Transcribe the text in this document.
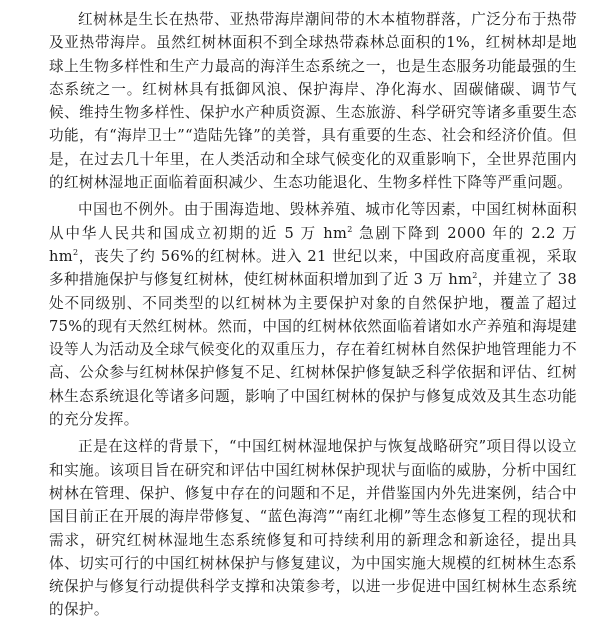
红树林是生长在热带、亚热带海岸潮间带的木本植物群落，广泛分布于热带及亚热带海岸。虽然红树林面积不到全球热带森林总面积的1%，红树林却是地球上生物多样性和生产力最高的海洋生态系统之一，也是生态服务功能最强的生态系统之一。红树林具有抵御风浪、保护海岸、净化海水、固碳储碳、调节气候、维持生物多样性、保护水产种质资源、生态旅游、科学研究等诸多重要生态功能，有“海岸卫士”“造陆先锋”的美誉，具有重要的生态、社会和经济价值。但是，在过去几十年里，在人类活动和全球气候变化的双重影响下，全世界范围内的红树林湿地正面临着面积减少、生态功能退化、生物多样性下降等严重问题。

中国也不例外。由于围海造地、毁林养殖、城市化等因素，中国红树林面积从中华人民共和国成立初期的近 5 万 $hm^2$ 急剧下降到 2000 年的 2.2 万 $hm^2$，丧失了约 56%的红树林。进入 21 世纪以来，中国政府高度重视，采取多种措施保护与修复红树林，使红树林面积增加到了近 3 万 $hm^2$，并建立了 38 处不同级别、不同类型的以红树林为主要保护对象的自然保护地，覆盖了超过 75%的现有天然红树林。然而，中国的红树林依然面临着诸如水产养殖和海堤建设等人为活动及全球气候变化的双重压力，存在着红树林自然保护地管理能力不高、公众参与红树林保护修复不足、红树林保护修复缺乏科学依据和评估、红树林生态系统退化等诸多问题，影响了中国红树林的保护与修复成效及其生态功能的充分发挥。

正是在这样的背景下，“中国红树林湿地保护与恢复战略研究”项目得以设立和实施。该项目旨在研究和评估中国红树林保护现状与面临的威胁，分析中国红树林在管理、保护、修复中存在的问题和不足，并借鉴国内外先进案例，结合中国目前正在开展的海岸带修复、“蓝色海湾”“南红北柳”等生态修复工程的现状和需求，研究红树林湿地生态系统修复和可持续利用的新理念和新途径，提出具体、切实可行的中国红树林保护与修复建议，为中国实施大规模的红树林生态系统保护与修复行动提供科学支撑和决策参考，以进一步促进中国红树林生态系统的保护。
